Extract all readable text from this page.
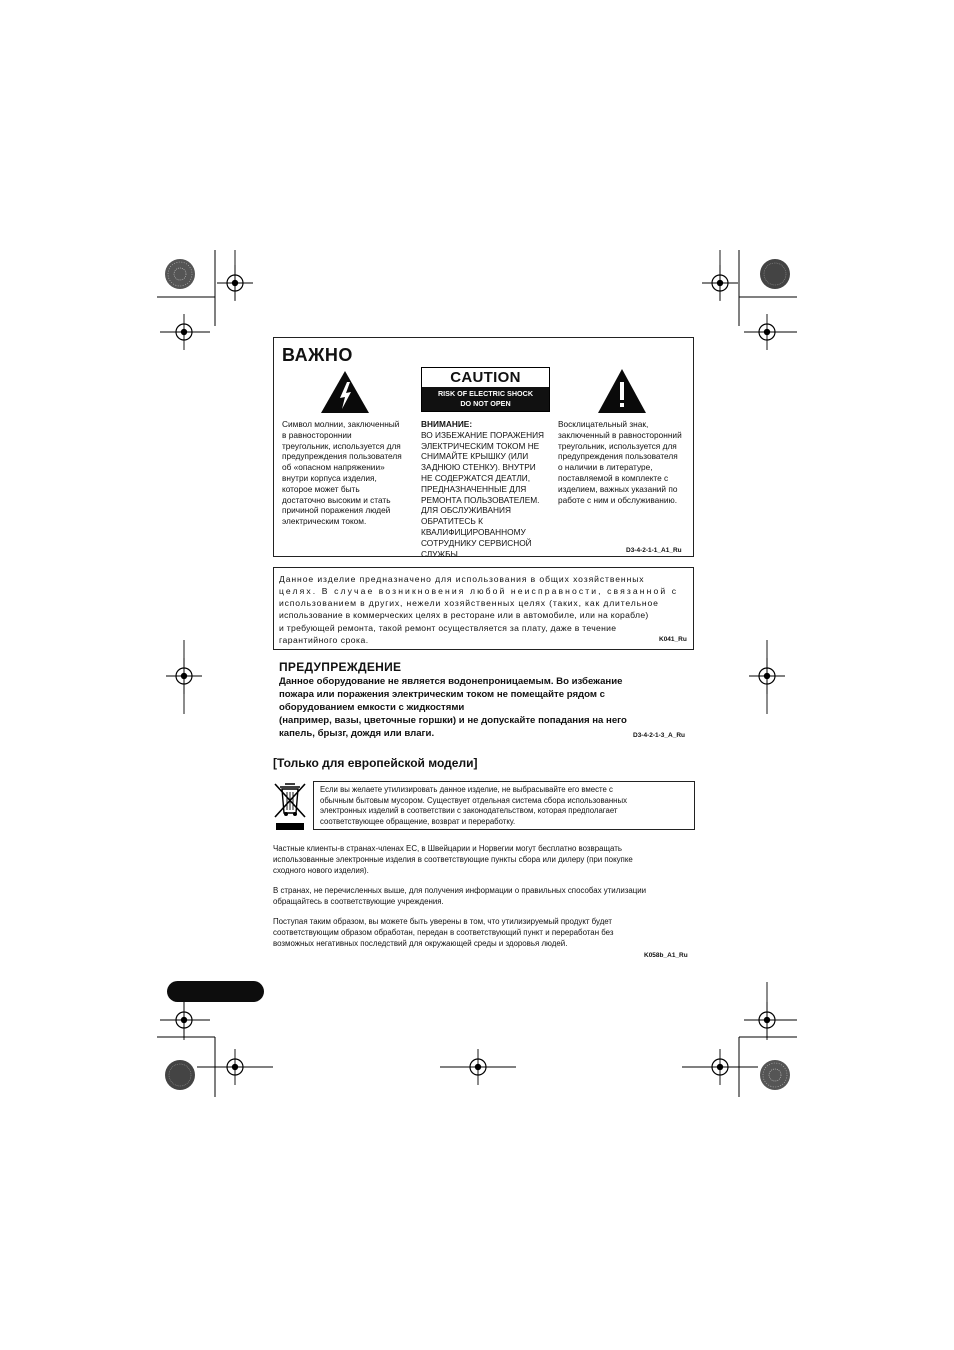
ВАЖНО
CAUTION
RISK OF ELECTRIC SHOCK
DO NOT OPEN
Символ молнии, заключенный
в равностороннии
треугольник, используется для
предупреждения пользователя
об «опасном напряжении»
внутри корпуса изделия,
которое может быть
достаточно высоким и стать
причиной поражения людей
электрическим током.
ВНИМАНИЕ:
ВО ИЗБЕЖАНИЕ ПОРАЖЕНИЯ
ЭЛЕКТРИЧЕСКИМ ТОКОМ НЕ
СНИМАЙТЕ КРЫШКУ (ИЛИ
ЗАДНЮЮ СТЕНКУ). ВНУТРИ
НЕ СОДЕРЖАТСЯ ДЕАТЛИ,
ПРЕДНАЗНАЧЕННЫЕ ДЛЯ
РЕМОНТА ПОЛЬЗОВАТЕЛЕМ.
ДЛЯ ОБСЛУЖИВАНИЯ
ОБРАТИТЕСЬ К
КВАЛИФИЦИРОВАННОМУ
СОТРУДНИКУ СЕРВИСНОЙ
СЛУЖБЫ.
Восклицательный знак,
заключенный в равносторонний
треугольник, используется для
предупреждения пользователя
о наличии в литературе,
поставляемой в комплекте с
изделием, важных указаний по
работе с ним и обслуживанию.
D3-4-2-1-1_A1_Ru
Данное изделие предназначено для использования в общих хозяйственных
целях. В случае возникновения любой неисправности, связанной с
использованием в других, нежели хозяйственных целях (таких, как длительное
использование в коммерческих целях в ресторане или в автомобиле, или на корабле)
и требующей ремонта, такой ремонт осуществляется за плату, даже в течение
гарантийного срока.	K041_Ru
ПРЕДУПРЕЖДЕНИЕ
Данное оборудование не является водонепроницаемым. Во избежание
пожара или поражения электрическим током не помещайте рядом с
оборудованием емкости с жидкостями
(например, вазы, цветочные горшки) и не допускайте попадания на него
капель, брызг, дождя или влаги.	D3-4-2-1-3_A_Ru
[Только для европейской модели]
Если вы желаете утилизировать данное изделие, не выбрасывайте его вместе с
обычным бытовым мусором. Существует отдельная система сбора использованных
электронных изделий в соответствии с законодательством, которая предполагает
соответствующее обращение, возврат и переработку.
Частные клиенты-в странах-членах ЕС, в Швейцарии и Норвегии могут бесплатно возвращать
использованные электронные изделия в соответствующие пункты сбора или дилеру (при покупке
сходного нового изделия).
В странах, не перечисленных выше, для получения информации о правильных способах утилизации
обращайтесь в соответствующие учреждения.
Поступая таким образом, вы можете быть уверены в том, что утилизируемый продукт будет
соответствующим образом обработан, передан в соответствующий пункт и переработан без
возможных негативных последствий для окружающей среды и здоровья людей.
K058b_A1_Ru
